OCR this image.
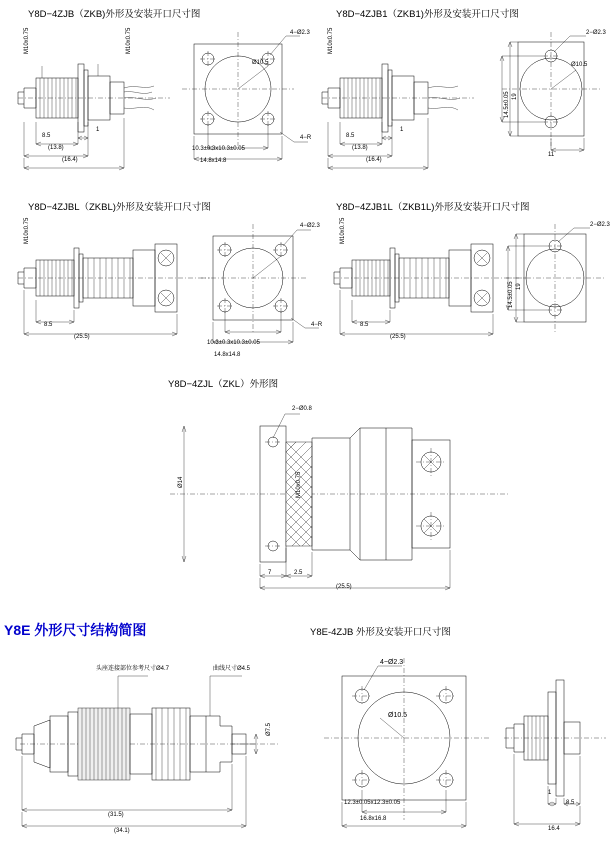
Y8D−4ZJB（ZKB)外形及安装开口尺寸图	Y8D−4ZJB1（ZKB1)外形及安装开口尺寸图
M10x0.75	M10x0.75
8.5
(13.8)
(16.4)
1
4−Ø2.3
Ø10.5
4−R
10.3±0.3x10.3±0.05
14.8x14.8
M10x0.75
8.5
(13.8)
(16.4)
1
2−Ø2.3
Ø10.5
19
14.5±0.05
11
Y8D−4ZJBL（ZKBL)外形及安装开口尺寸图	Y8D−4ZJB1L（ZKB1L)外形及安装开口尺寸图
M10x0.75
8.5
(25.5)
4−Ø2.3
4−R
10.3±0.3x10.3±0.05
14.8x14.8
M10x0.75
8.5
(25.5)
2−Ø2.3
19
14.5±0.05
Y8D−4ZJL（ZKL）外形图
2−Ø0.8
Ø14	M10x0.75
7	2.5
(25.5)
Y8E 外形尺寸结构简图	Y8E-4ZJB 外形及安装开口尺寸图
头座连接部位参考尺寸Ø4.7	曲线尺寸Ø4.5
Ø7.5
(31.5)
(34.1)
4−Ø2.3
Ø10.5
12.3±0.05x12.3±0.05
16.8x16.8
1
8.5
16.4
